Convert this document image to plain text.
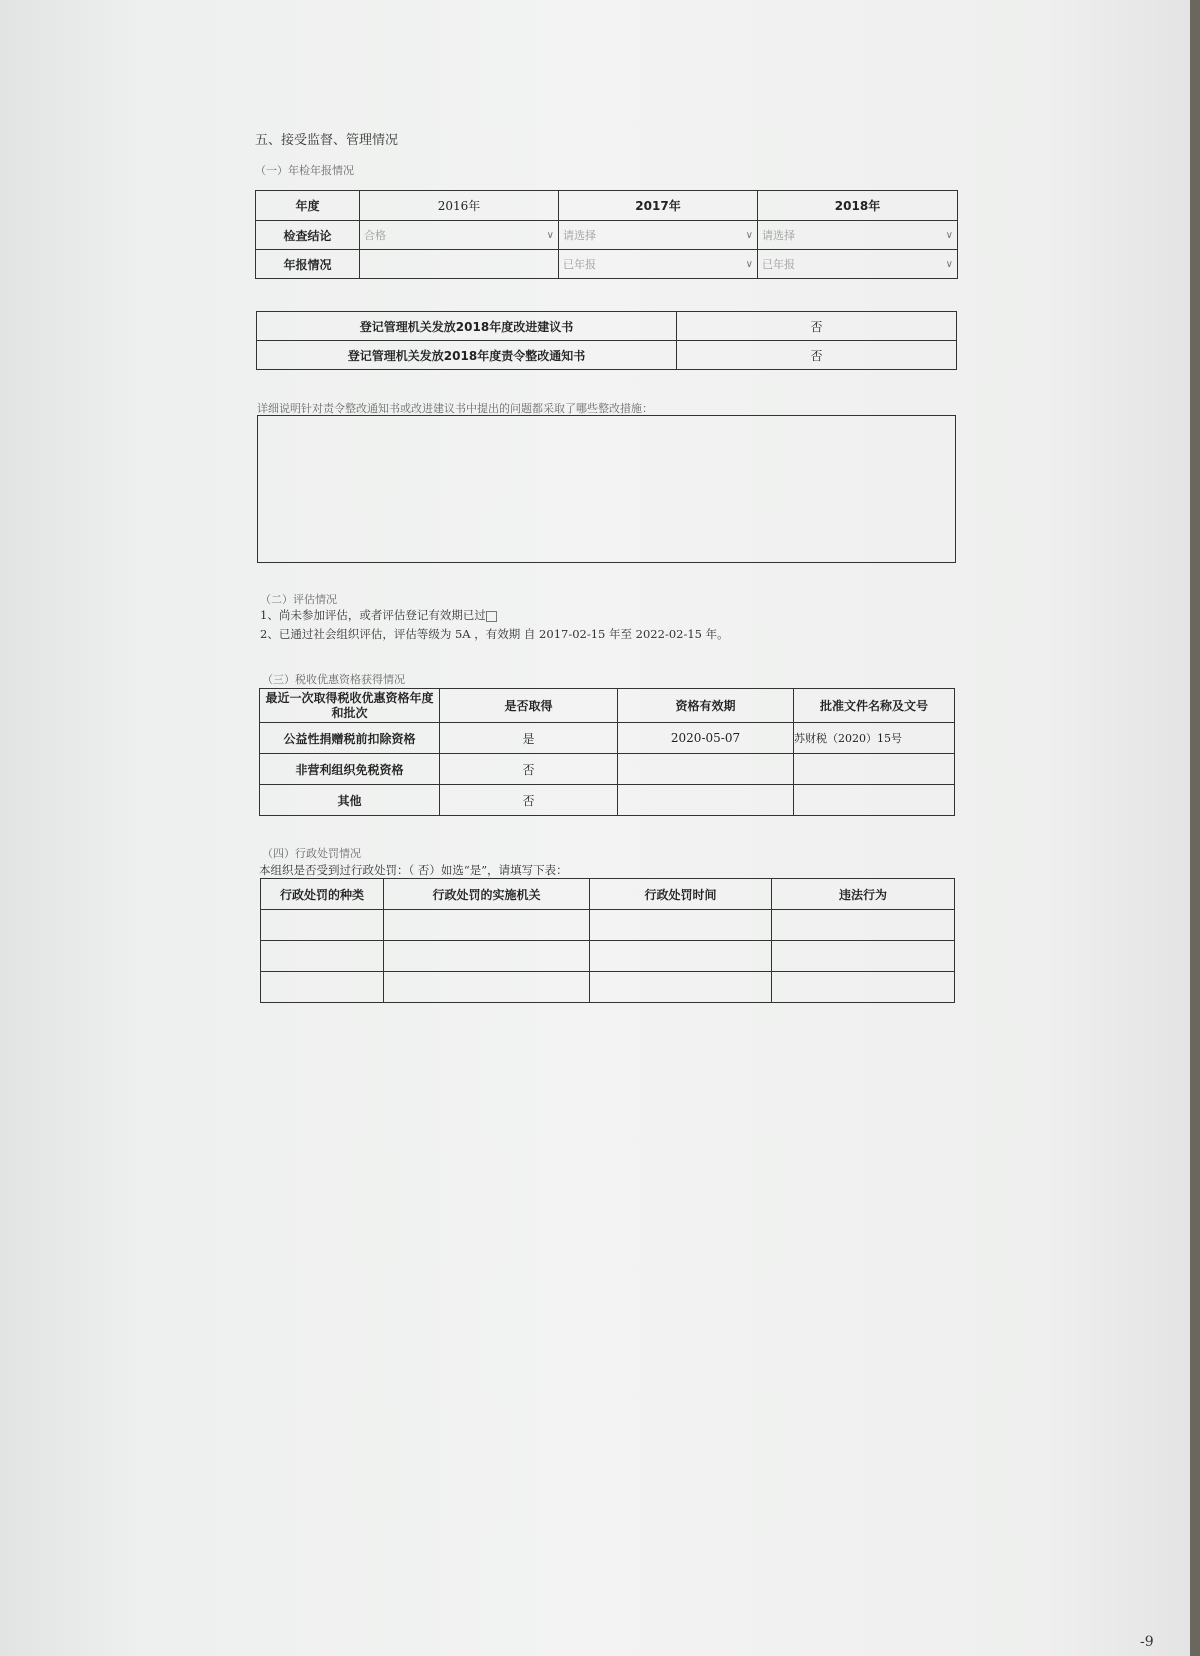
五、接受监督、管理情况
（一）年检年报情况
年度	2016年	2017年	2018年
检查结论	合格 ∨	请选择 ∨	请选择 ∨

年报情况		已年报 ∨	已年报 ∨
登记管理机关发放2018年度改进建议书	否
登记管理机关发放2018年度责令整改通知书	否
详细说明针对责令整改通知书或改进建议书中提出的问题都采取了哪些整改措施：
（二）评估情况
1、尚未参加评估，或者评估登记有效期已过
2、已通过社会组织评估，评估等级为 5A ，有效期 自 2017-02-15 年至 2022-02-15 年。
（三）税收优惠资格获得情况
最近一次取得税收优惠资格年度和批次	是否取得	资格有效期	批准文件名称及文号
公益性捐赠税前扣除资格	是	2020-05-07	苏财税（2020）15号
非营利组织免税资格	否		
其他	否		
（四）行政处罚情况
本组织是否受到过行政处罚：（ 否）如选“是”，请填写下表：
行政处罚的种类	行政处罚的实施机关	行政处罚时间	违法行为

-9
